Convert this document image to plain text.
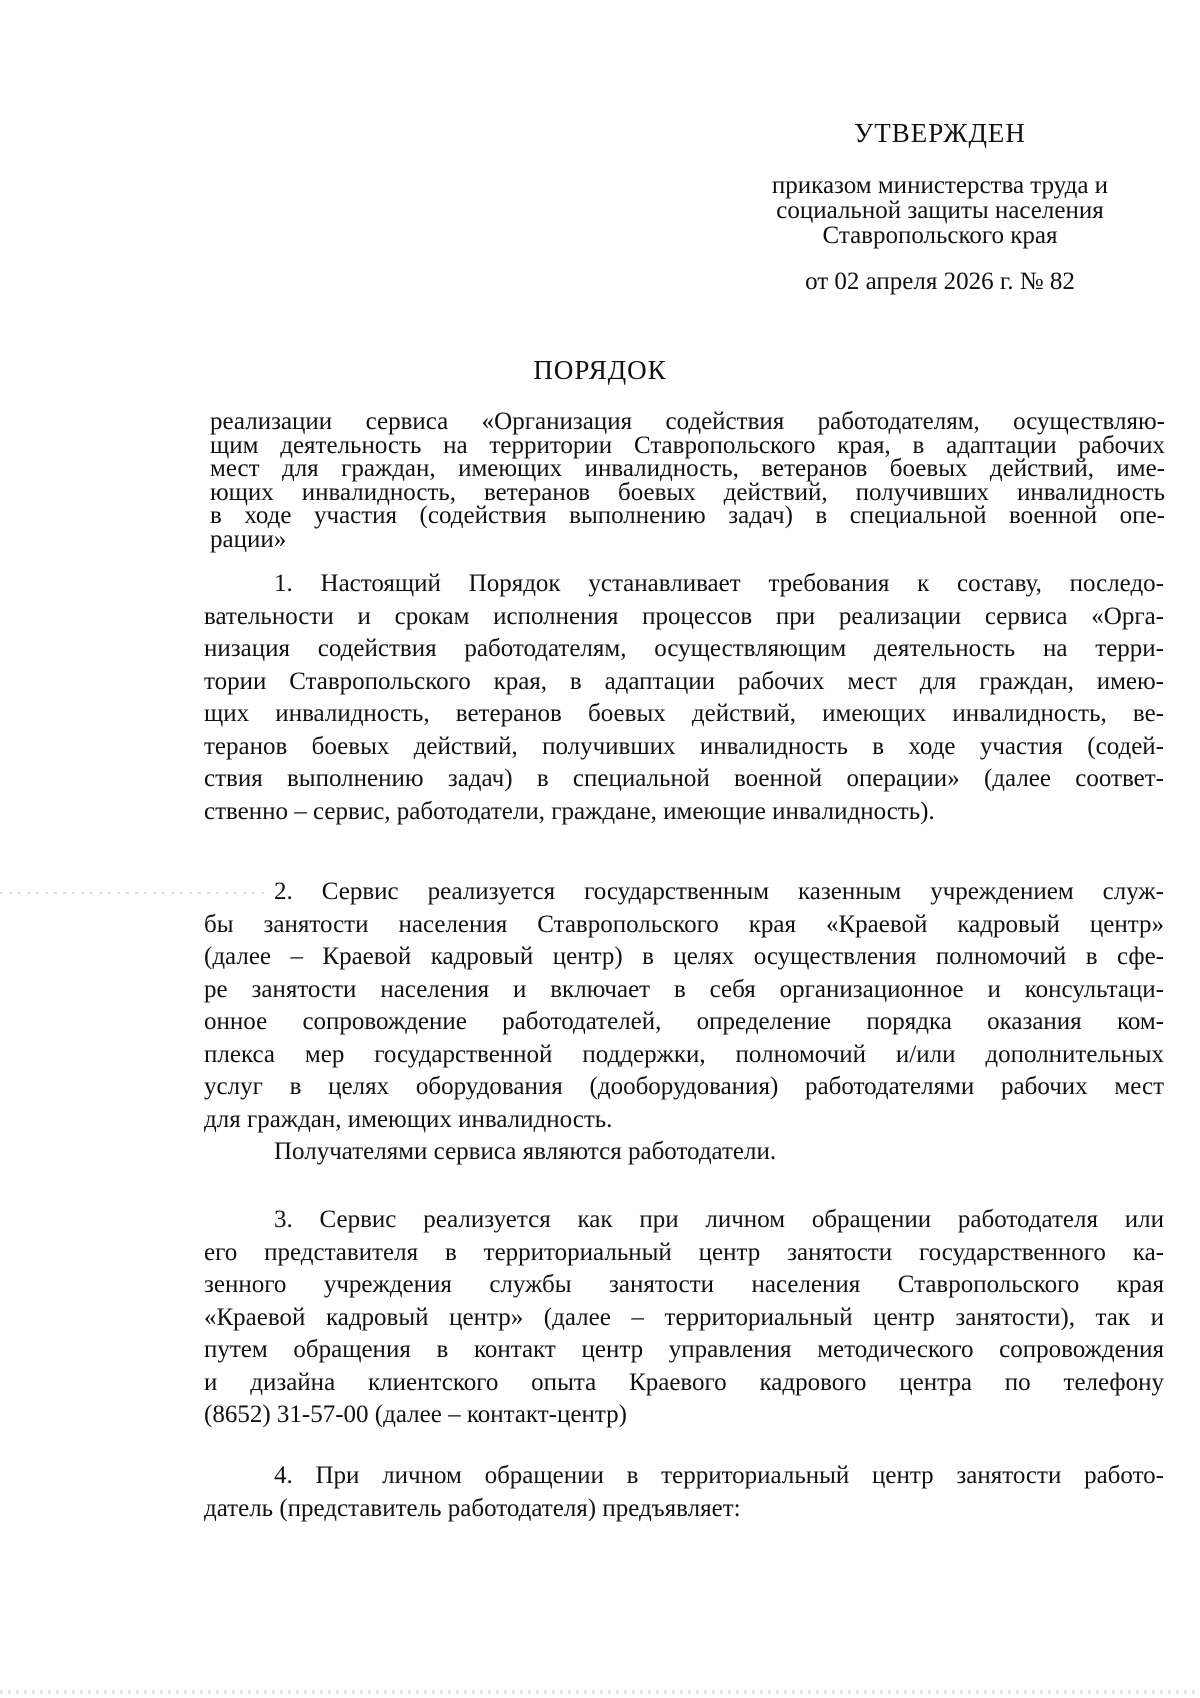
УТВЕРЖДЕН
приказом министерства труда и
социальной защиты населения
Ставропольского края
от 02 апреля 2026 г. № 82
ПОРЯДОК
реализации сервиса «Организация содействия работодателям, осуществляю-
щим деятельность на территории Ставропольского края, в адаптации рабочих
мест для граждан, имеющих инвалидность, ветеранов боевых действий, име-
ющих инвалидность, ветеранов боевых действий, получивших инвалидность
в ходе участия (содействия выполнению задач) в специальной военной опе-
рации»
1. Настоящий Порядок устанавливает требования к составу, последо-
вательности и срокам исполнения процессов при реализации сервиса «Орга-
низация содействия работодателям, осуществляющим деятельность на терри-
тории Ставропольского края, в адаптации рабочих мест для граждан, имею-
щих инвалидность, ветеранов боевых действий, имеющих инвалидность, ве-
теранов боевых действий, получивших инвалидность в ходе участия (содей-
ствия выполнению задач) в специальной военной операции» (далее соответ-
ственно – сервис, работодатели, граждане, имеющие инвалидность).
2. Сервис реализуется государственным казенным учреждением служ-
бы занятости населения Ставропольского края «Краевой кадровый центр»
(далее – Краевой кадровый центр) в целях осуществления полномочий в сфе-
ре занятости населения и включает в себя организационное и консультаци-
онное сопровождение работодателей, определение порядка оказания ком-
плекса мер государственной поддержки, полномочий и/или дополнительных
услуг в целях оборудования (дооборудования) работодателями рабочих мест
для граждан, имеющих инвалидность.
Получателями сервиса являются работодатели.
3. Сервис реализуется как при личном обращении работодателя или
его представителя в территориальный центр занятости государственного ка-
зенного учреждения службы занятости населения Ставропольского края
«Краевой кадровый центр» (далее – территориальный центр занятости), так и
путем обращения в контакт центр управления методического сопровождения
и дизайна клиентского опыта Краевого кадрового центра по телефону
(8652) 31-57-00 (далее – контакт-центр)
4. При личном обращении в территориальный центр занятости работо-
датель (представитель работодателя) предъявляет:
